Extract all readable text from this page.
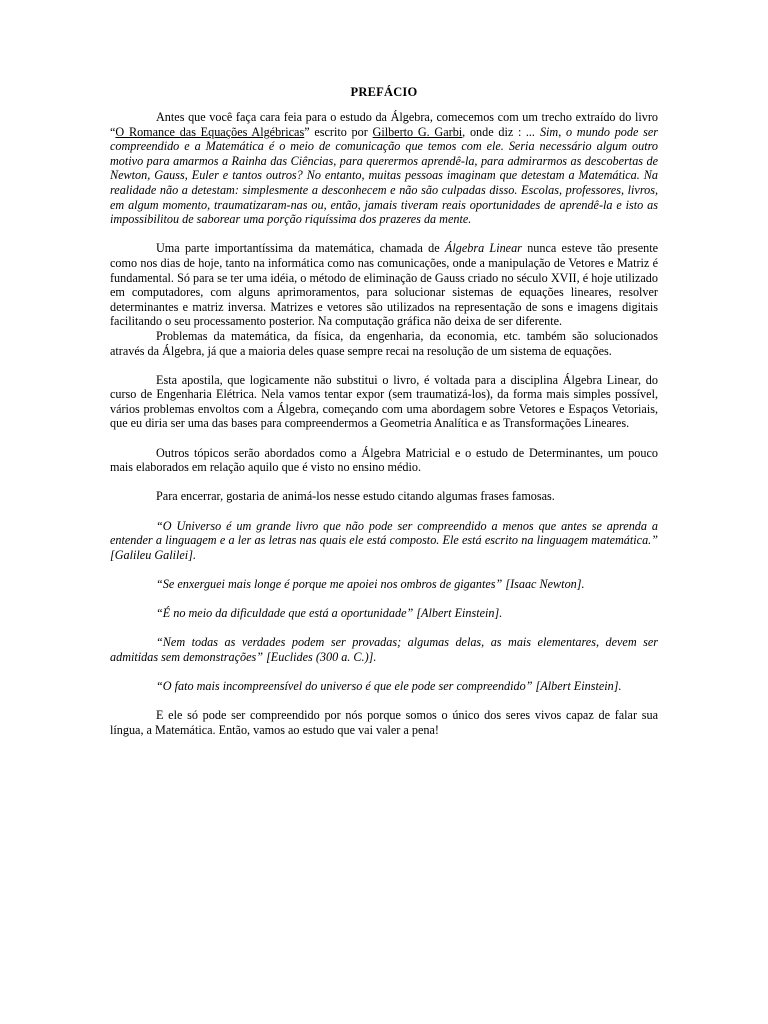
PREFÁCIO

Antes que você faça cara feia para o estudo da Álgebra, comecemos com um trecho extraído do livro “O Romance das Equações Algébricas” escrito por Gilberto G. Garbi, onde diz : ... Sim, o mundo pode ser compreendido e a Matemática é o meio de comunicação que temos com ele. Seria necessário algum outro motivo para amarmos a Rainha das Ciências, para querermos aprendê-la, para admirarmos as descobertas de Newton, Gauss, Euler e tantos outros? No entanto, muitas pessoas imaginam que detestam a Matemática. Na realidade não a detestam: simplesmente a desconhecem e não são culpadas disso. Escolas, professores, livros, em algum momento, traumatizaram-nas ou, então, jamais tiveram reais oportunidades de aprendê-la e isto as impossibilitou de saborear uma porção riquíssima dos prazeres da mente.

Uma parte importantíssima da matemática, chamada de Álgebra Linear nunca esteve tão presente como nos dias de hoje, tanto na informática como nas comunicações, onde a manipulação de Vetores e Matriz é fundamental. Só para se ter uma idéia, o método de eliminação de Gauss criado no século XVII, é hoje utilizado em computadores, com alguns aprimoramentos, para solucionar sistemas de equações lineares, resolver determinantes e matriz inversa. Matrizes e vetores são utilizados na representação de sons e imagens digitais facilitando o seu processamento posterior. Na computação gráfica não deixa de ser diferente.

Problemas da matemática, da física, da engenharia, da economia, etc. também são solucionados através da Álgebra, já que a maioria deles quase sempre recai na resolução de um sistema de equações.

Esta apostila, que logicamente não substitui o livro, é voltada para a disciplina Álgebra Linear, do curso de Engenharia Elétrica. Nela vamos tentar expor (sem traumatizá-los), da forma mais simples possível, vários problemas envoltos com a Álgebra, começando com uma abordagem sobre Vetores e Espaços Vetoriais, que eu diria ser uma das bases para compreendermos a Geometria Analítica e as Transformações Lineares.

Outros tópicos serão abordados como a Álgebra Matricial e o estudo de Determinantes, um pouco mais elaborados em relação aquilo que é visto no ensino médio.

Para encerrar, gostaria de animá-los nesse estudo citando algumas frases famosas.

“O Universo é um grande livro que não pode ser compreendido a menos que antes se aprenda a entender a linguagem e a ler as letras nas quais ele está composto. Ele está escrito na linguagem matemática.” [Galileu Galilei].

“Se enxerguei mais longe é porque me apoiei nos ombros de gigantes” [Isaac Newton].

“É no meio da dificuldade que está a oportunidade” [Albert Einstein].

“Nem todas as verdades podem ser provadas; algumas delas, as mais elementares, devem ser admitidas sem demonstrações” [Euclides (300 a. C.)].

“O fato mais incompreensível do universo é que ele pode ser compreendido” [Albert Einstein].

E ele só pode ser compreendido por nós porque somos o único dos seres vivos capaz de falar sua língua, a Matemática. Então, vamos ao estudo que vai valer a pena!
